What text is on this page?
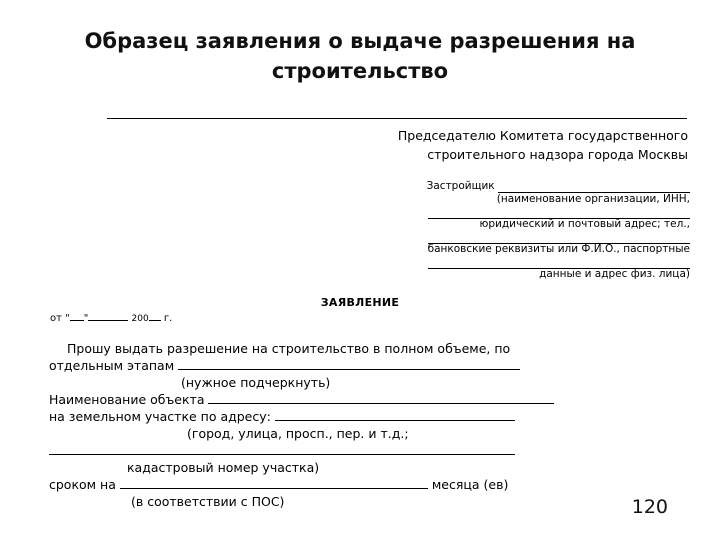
Образец заявления о выдаче разрешения на строительство
Председателю Комитета государственного
строительного надзора города Москвы
Застройщик
(наименование организации, ИНН,
юридический и почтовый адрес; тел.,
банковские реквизиты или Ф.И.О., паспортные
данные и адрес физ. лица)
ЗАЯВЛЕНИЕ
от " "	200 г.
Прошу выдать разрешение на строительство в полном объеме, по
отдельным этапам
(нужное подчеркнуть)
Наименование объекта
на земельном участке по адресу:
(город, улица, просп., пер. и т.д.;
кадастровый номер участка)
сроком на	месяца (ев)
(в соответствии с ПОС)	120
